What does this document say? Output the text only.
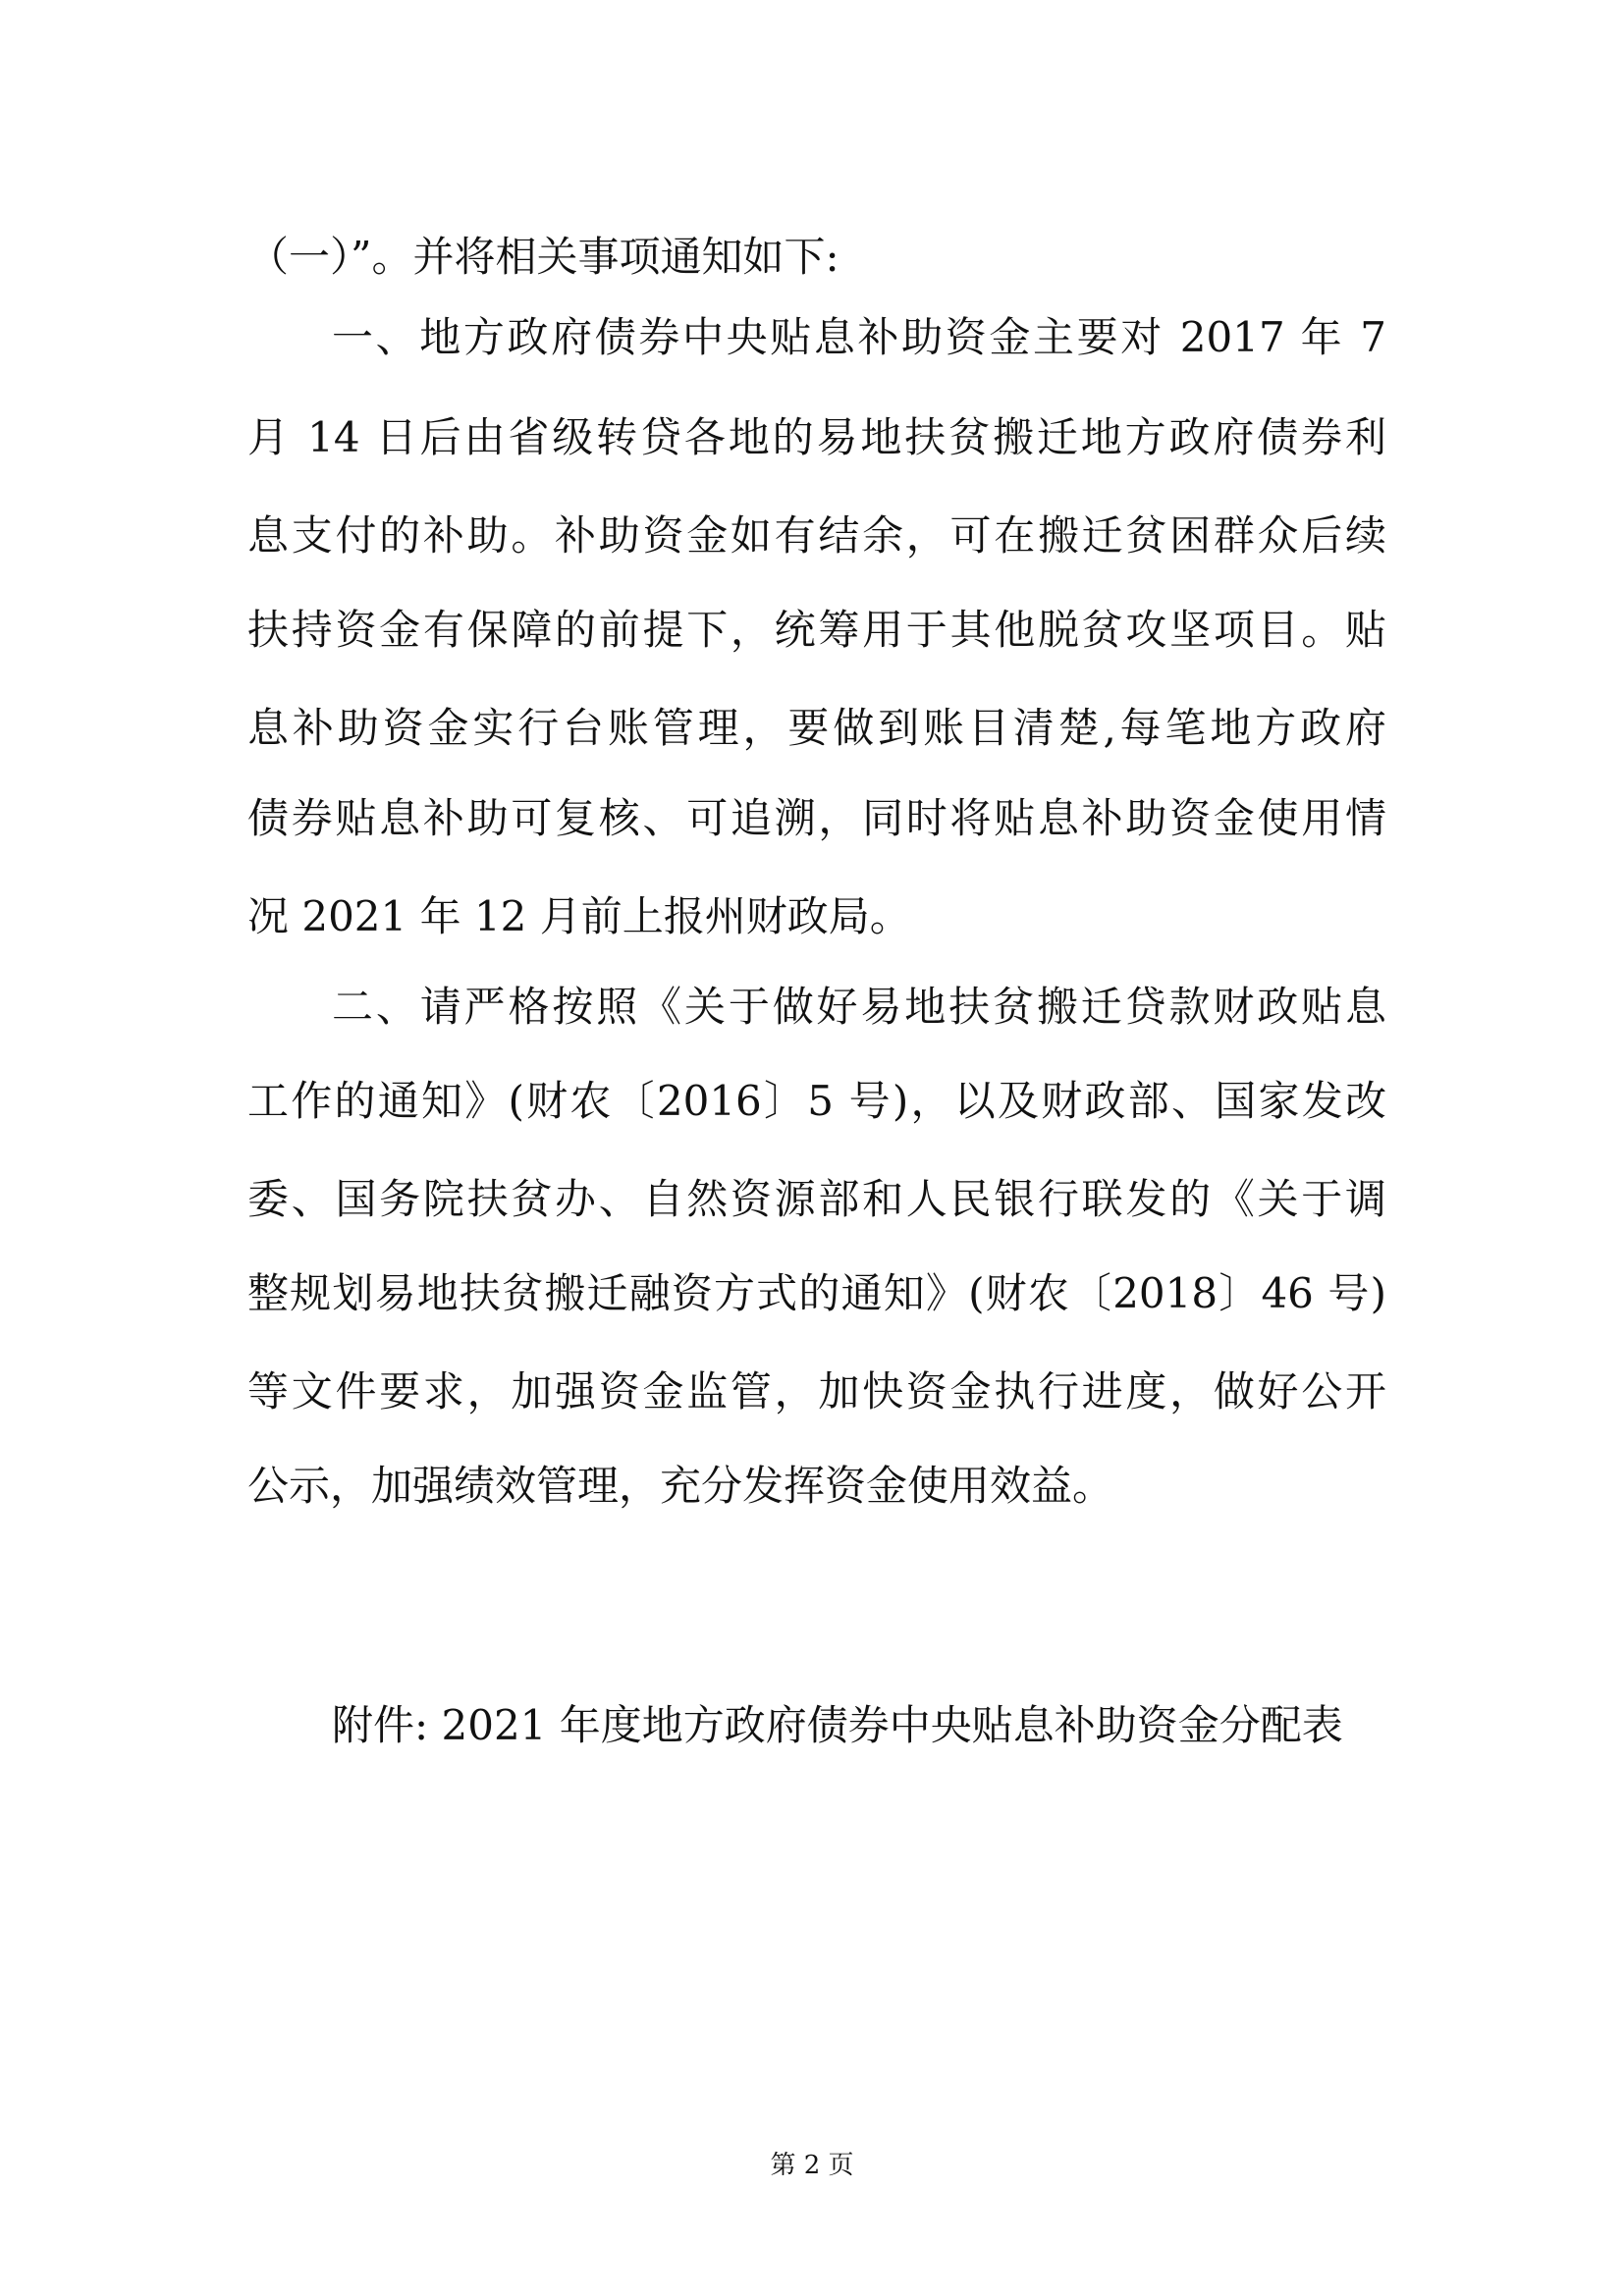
（一）”。并将相关事项通知如下:

一、地方政府债券中央贴息补助资金主要对 2017 年 7

月 14 日后由省级转贷各地的易地扶贫搬迁地方政府债券利

息支付的补助。补助资金如有结余，可在搬迁贫困群众后续

扶持资金有保障的前提下，统筹用于其他脱贫攻坚项目。贴

息补助资金实行台账管理，要做到账目清楚,每笔地方政府

债券贴息补助可复核、可追溯，同时将贴息补助资金使用情

况 2021 年 12 月前上报州财政局。

二、请严格按照《关于做好易地扶贫搬迁贷款财政贴息

工作的通知》(财农〔2016〕5 号)，以及财政部、国家发改

委、国务院扶贫办、自然资源部和人民银行联发的《关于调

整规划易地扶贫搬迁融资方式的通知》(财农〔2018〕46 号)

等文件要求，加强资金监管，加快资金执行进度，做好公开

公示，加强绩效管理，充分发挥资金使用效益。

附件: 2021 年度地方政府债券中央贴息补助资金分配表

第 2 页
